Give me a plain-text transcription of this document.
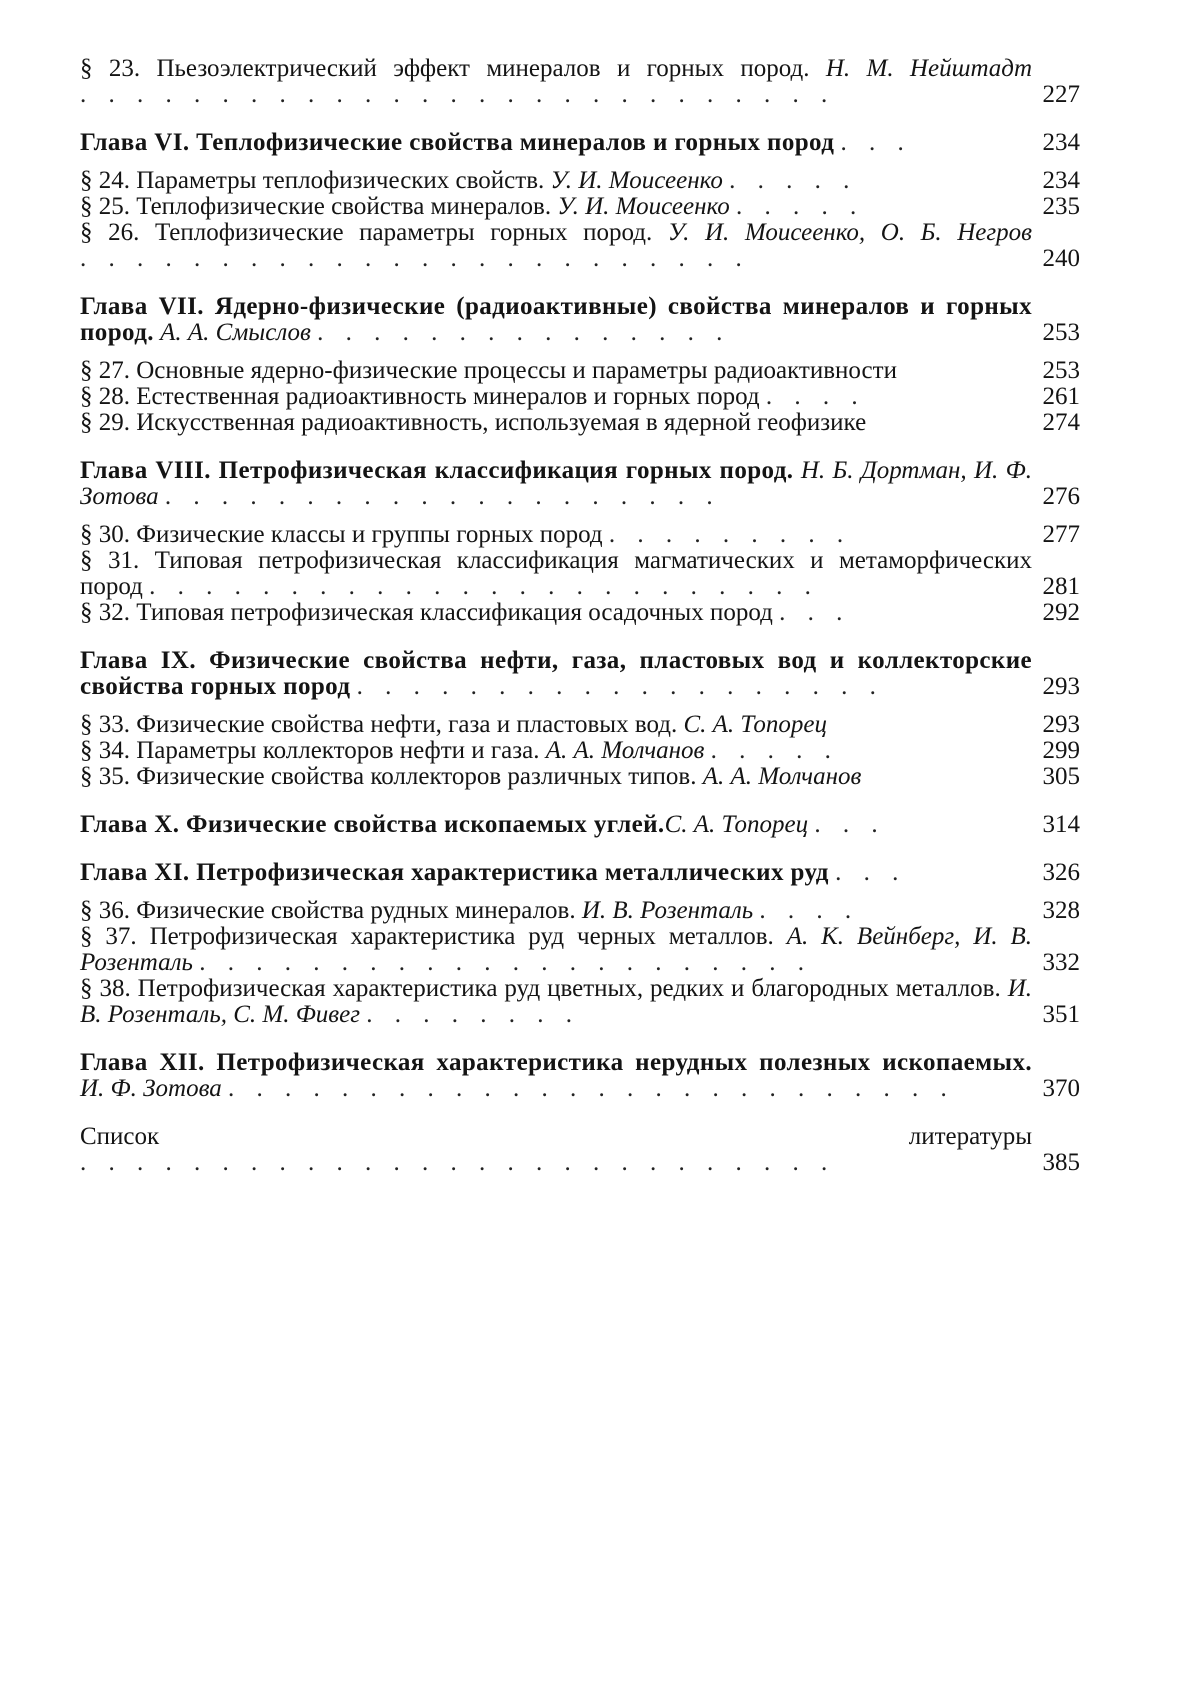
§ 23. Пьезоэлектрический эффект минералов и горных пород. Н. М. Нейштадт . . . . . . . . . . . . . . . . . . . . . . . . . . .	227
Глава VI. Теплофизические свойства минералов и горных пород . . .	234
§ 24. Параметры теплофизических свойств. У. И. Моисеенко . . . . .	234
§ 25. Теплофизические свойства минералов. У. И. Моисеенко . . . . .	235
§ 26. Теплофизические параметры горных пород. У. И. Моисеенко, О. Б. Негров . . . . . . . . . . . . . . . . . . . . . . . .	240
Глава VII. Ядерно-физические (радиоактивные) свойства минералов и горных пород. А. А. Смыслов . . . . . . . . . . . . . . .	253
§ 27. Основные ядерно-физические процессы и параметры радиоактивности	253
§ 28. Естественная радиоактивность минералов и горных пород . . . .	261
§ 29. Искусственная радиоактивность, используемая в ядерной геофизике	274
Глава VIII. Петрофизическая классификация горных пород. Н. Б. Дортман, И. Ф. Зотова . . . . . . . . . . . . . . . . . . . .	276
§ 30. Физические классы и группы горных пород . . . . . . . . .	277
§ 31. Типовая петрофизическая классификация магматических и метаморфических пород . . . . . . . . . . . . . . . . . . . . . . . .	281
§ 32. Типовая петрофизическая классификация осадочных пород . . .	292
Глава IX. Физические свойства нефти, газа, пластовых вод и коллекторские свойства горных пород . . . . . . . . . . . . . . . . . . .	293
§ 33. Физические свойства нефти, газа и пластовых вод. С. А. Топорец	293
§ 34. Параметры коллекторов нефти и газа. А. А. Молчанов . . . . .	299
§ 35. Физические свойства коллекторов различных типов. А. А. Молчанов	305
Глава X. Физические свойства ископаемых углей.С. А. Топорец . . .	314
Глава XI. Петрофизическая характеристика металлических руд . . .	326
§ 36. Физические свойства рудных минералов. И. В. Розенталь . . . .	328
§ 37. Петрофизическая характеристика руд черных металлов. А. К. Вейнберг, И. В. Розенталь . . . . . . . . . . . . . . . . . . . . . .	332
§ 38. Петрофизическая характеристика руд цветных, редких и благородных металлов. И. В. Розенталь, С. М. Фивег . . . . . . . .	351
Глава XII. Петрофизическая характеристика нерудных полезных ископаемых. И. Ф. Зотова . . . . . . . . . . . . . . . . . . . . . . . . . .	370
Список литературы . . . . . . . . . . . . . . . . . . . . . . . . . . .	385
